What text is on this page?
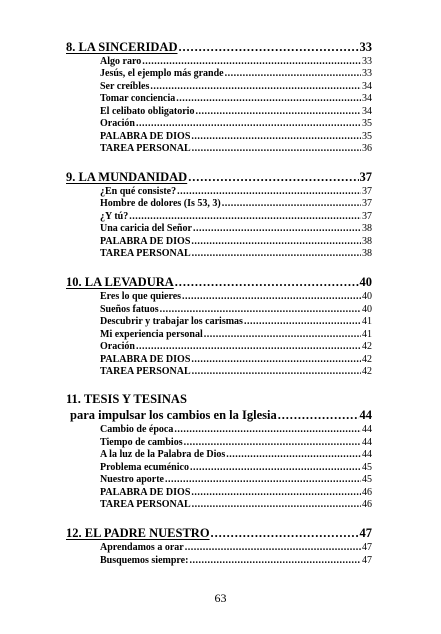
8. LA SINCERIDAD .....	33
Algo raro .....	33
Jesús, el ejemplo más grande .....	33
Ser creíbles .....	34
Tomar conciencia .....	34
El celibato obligatorio .....	34
Oración .....	35
PALABRA DE DIOS .....	35
TAREA PERSONAL .....	36
9. LA MUNDANIDAD .....	37
¿En qué consiste? .....	37
Hombre de dolores (Is 53, 3) .....	37
¿Y tú? .....	37
Una caricia del Señor .....	38
PALABRA DE DIOS .....	38
TAREA PERSONAL .....	38
10. LA LEVADURA .....	40
Eres lo que quieres .....	40
Sueños fatuos .....	40
Descubrir y trabajar los carismas .....	41
Mi experiencia personal .....	41
Oración .....	42
PALABRA DE DIOS .....	42
TAREA PERSONAL .....	42
11. TESIS Y TESINAS
para impulsar los cambios en la Iglesia .....	44
Cambio de época .....	44
Tiempo de cambios .....	44
A la luz de la Palabra de Dios .....	44
Problema ecuménico .....	45
Nuestro aporte .....	45
PALABRA DE DIOS .....	46
TAREA PERSONAL .....	46
12. EL PADRE NUESTRO .....	47
Aprendamos a orar .....	47
Busquemos siempre: .....	47
63
